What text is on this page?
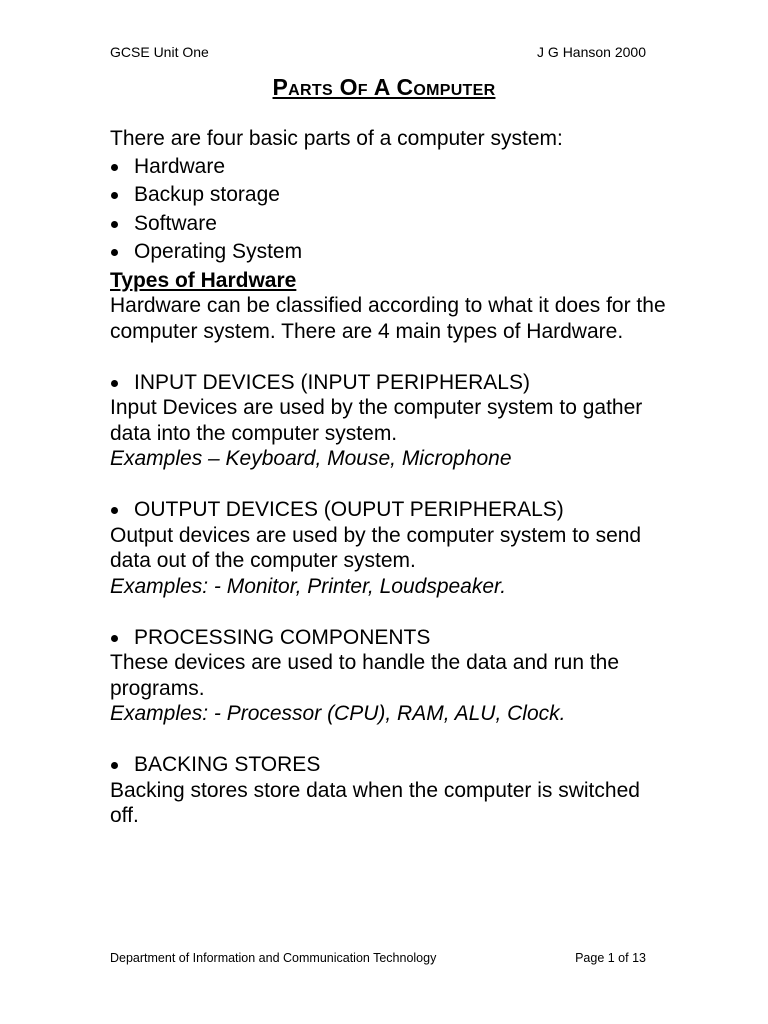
GCSE Unit One	J G Hanson 2000
Parts Of A Computer

There are four basic parts of a computer system:

Hardware
Backup storage
Software
Operating System

Types of Hardware

Hardware can be classified according to what it does for the computer system. There are 4 main types of Hardware.

INPUT DEVICES (INPUT PERIPHERALS)

Input Devices are used by the computer system to gather data into the computer system.

Examples – Keyboard, Mouse, Microphone

OUTPUT DEVICES (OUPUT PERIPHERALS)

Output devices are used by the computer system to send data out of the computer system.

Examples: - Monitor, Printer, Loudspeaker.

PROCESSING COMPONENTS

These devices are used to handle the data and run the programs.

Examples: - Processor (CPU), RAM, ALU, Clock.

BACKING STORES

Backing stores store data when the computer is switched off.

Department of Information and Communication Technology	Page 1 of 13
